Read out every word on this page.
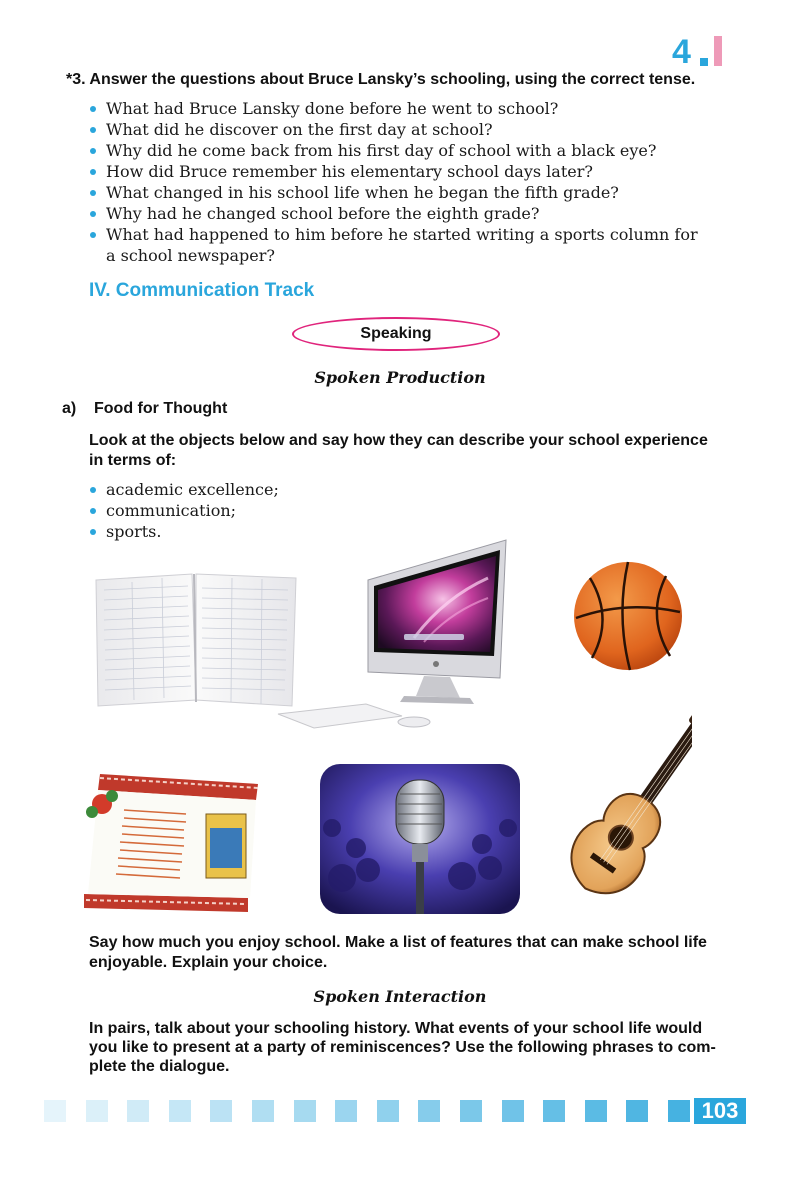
4
*3. Answer the questions about Bruce Lansky’s schooling, using the correct tense.
What had Bruce Lansky done before he went to school?
What did he discover on the first day at school?
Why did he come back from his first day of school with a black eye?
How did Bruce remember his elementary school days later?
What changed in his school life when he began the fifth grade?
Why had he changed school before the eighth grade?
What had happened to him before he started writing a sports column for
a school newspaper?
IV. Communication Track
Speaking
Spoken Production
a) Food for Thought
Look at the objects below and say how they can describe your school experience
in terms of:
academic excellence;
communication;
sports.
Say how much you enjoy school. Make a list of features that can make school life
enjoyable. Explain your choice.
Spoken Interaction
In pairs, talk about your schooling history. What events of your school life would
you like to present at a party of reminiscences? Use the following phrases to com-
plete the dialogue.
103
